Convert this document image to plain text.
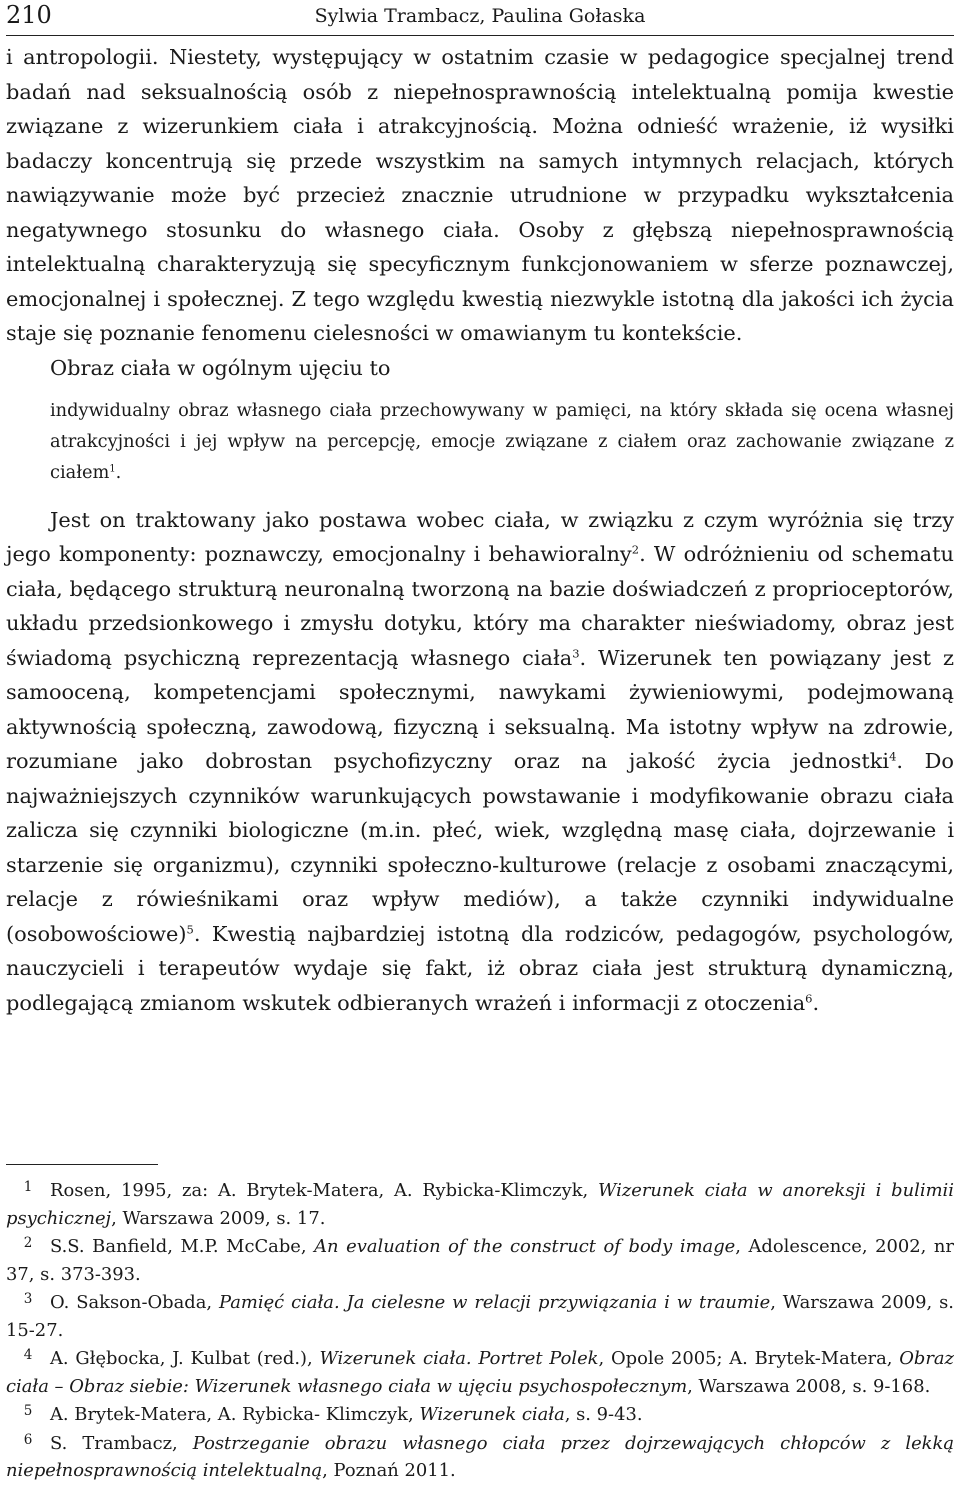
210	Sylwia Trambacz, Paulina Gołaska

i antropologii. Niestety, występujący w ostatnim czasie w pedagogice specjalnej trend badań nad seksualnością osób z niepełnosprawnością intelektualną pomija kwestie związane z wizerunkiem ciała i atrakcyjnością. Można odnieść wrażenie, iż wysiłki badaczy koncentrują się przede wszystkim na samych intymnych relacjach, których nawiązywanie może być przecież znacznie utrudnione w przypadku wykształcenia negatywnego stosunku do własnego ciała. Osoby z głębszą niepełnosprawnością intelektualną charakteryzują się specyficznym funkcjonowaniem w sferze poznawczej, emocjonalnej i społecznej. Z tego względu kwestią niezwykle istotną dla jakości ich życia staje się poznanie fenomenu cielesności w omawianym tu kontekście.

Obraz ciała w ogólnym ujęciu to

indywidualny obraz własnego ciała przechowywany w pamięci, na który składa się ocena własnej atrakcyjności i jej wpływ na percepcję, emocje związane z ciałem oraz zachowanie związane z ciałem$^1$.

Jest on traktowany jako postawa wobec ciała, w związku z czym wyróżnia się trzy jego komponenty: poznawczy, emocjonalny i behawioralny$^2$. W odróżnieniu od schematu ciała, będącego strukturą neuronalną tworzoną na bazie doświadczeń z proprioceptorów, układu przedsionkowego i zmysłu dotyku, który ma charakter nieświadomy, obraz jest świadomą psychiczną reprezentacją własnego ciała$^3$. Wizerunek ten powiązany jest z samooceną, kompetencjami społecznymi, nawykami żywieniowymi, podejmowaną aktywnością społeczną, zawodową, fizyczną i seksualną. Ma istotny wpływ na zdrowie, rozumiane jako dobrostan psychofizyczny oraz na jakość życia jednostki$^4$. Do najważniejszych czynników warunkujących powstawanie i modyfikowanie obrazu ciała zalicza się czynniki biologiczne (m.in. płeć, wiek, względną masę ciała, dojrzewanie i starzenie się organizmu), czynniki społeczno-kulturowe (relacje z osobami znaczącymi, relacje z rówieśnikami oraz wpływ mediów), a także czynniki indywidualne (osobowościowe)$^5$. Kwestią najbardziej istotną dla rodziców, pedagogów, psychologów, nauczycieli i terapeutów wydaje się fakt, iż obraz ciała jest strukturą dynamiczną, podlegającą zmianom wskutek odbieranych wrażeń i informacji z otoczenia$^6$.

1 Rosen, 1995, za: A. Brytek-Matera, A. Rybicka-Klimczyk, Wizerunek ciała w anoreksji i bulimii psychicznej, Warszawa 2009, s. 17.

2 S.S. Banfield, M.P. McCabe, An evaluation of the construct of body image, Adolescence, 2002, nr 37, s. 373-393.

3 O. Sakson-Obada, Pamięć ciała. Ja cielesne w relacji przywiązania i w traumie, Warszawa 2009, s. 15-27.

4 A. Głębocka, J. Kulbat (red.), Wizerunek ciała. Portret Polek, Opole 2005; A. Brytek-Matera, Obraz ciała – Obraz siebie: Wizerunek własnego ciała w ujęciu psychospołecznym, Warszawa 2008, s. 9-168.

5 A. Brytek-Matera, A. Rybicka- Klimczyk, Wizerunek ciała, s. 9-43.

6 S. Trambacz, Postrzeganie obrazu własnego ciała przez dojrzewających chłopców z lekką niepełnosprawnością intelektualną, Poznań 2011.
